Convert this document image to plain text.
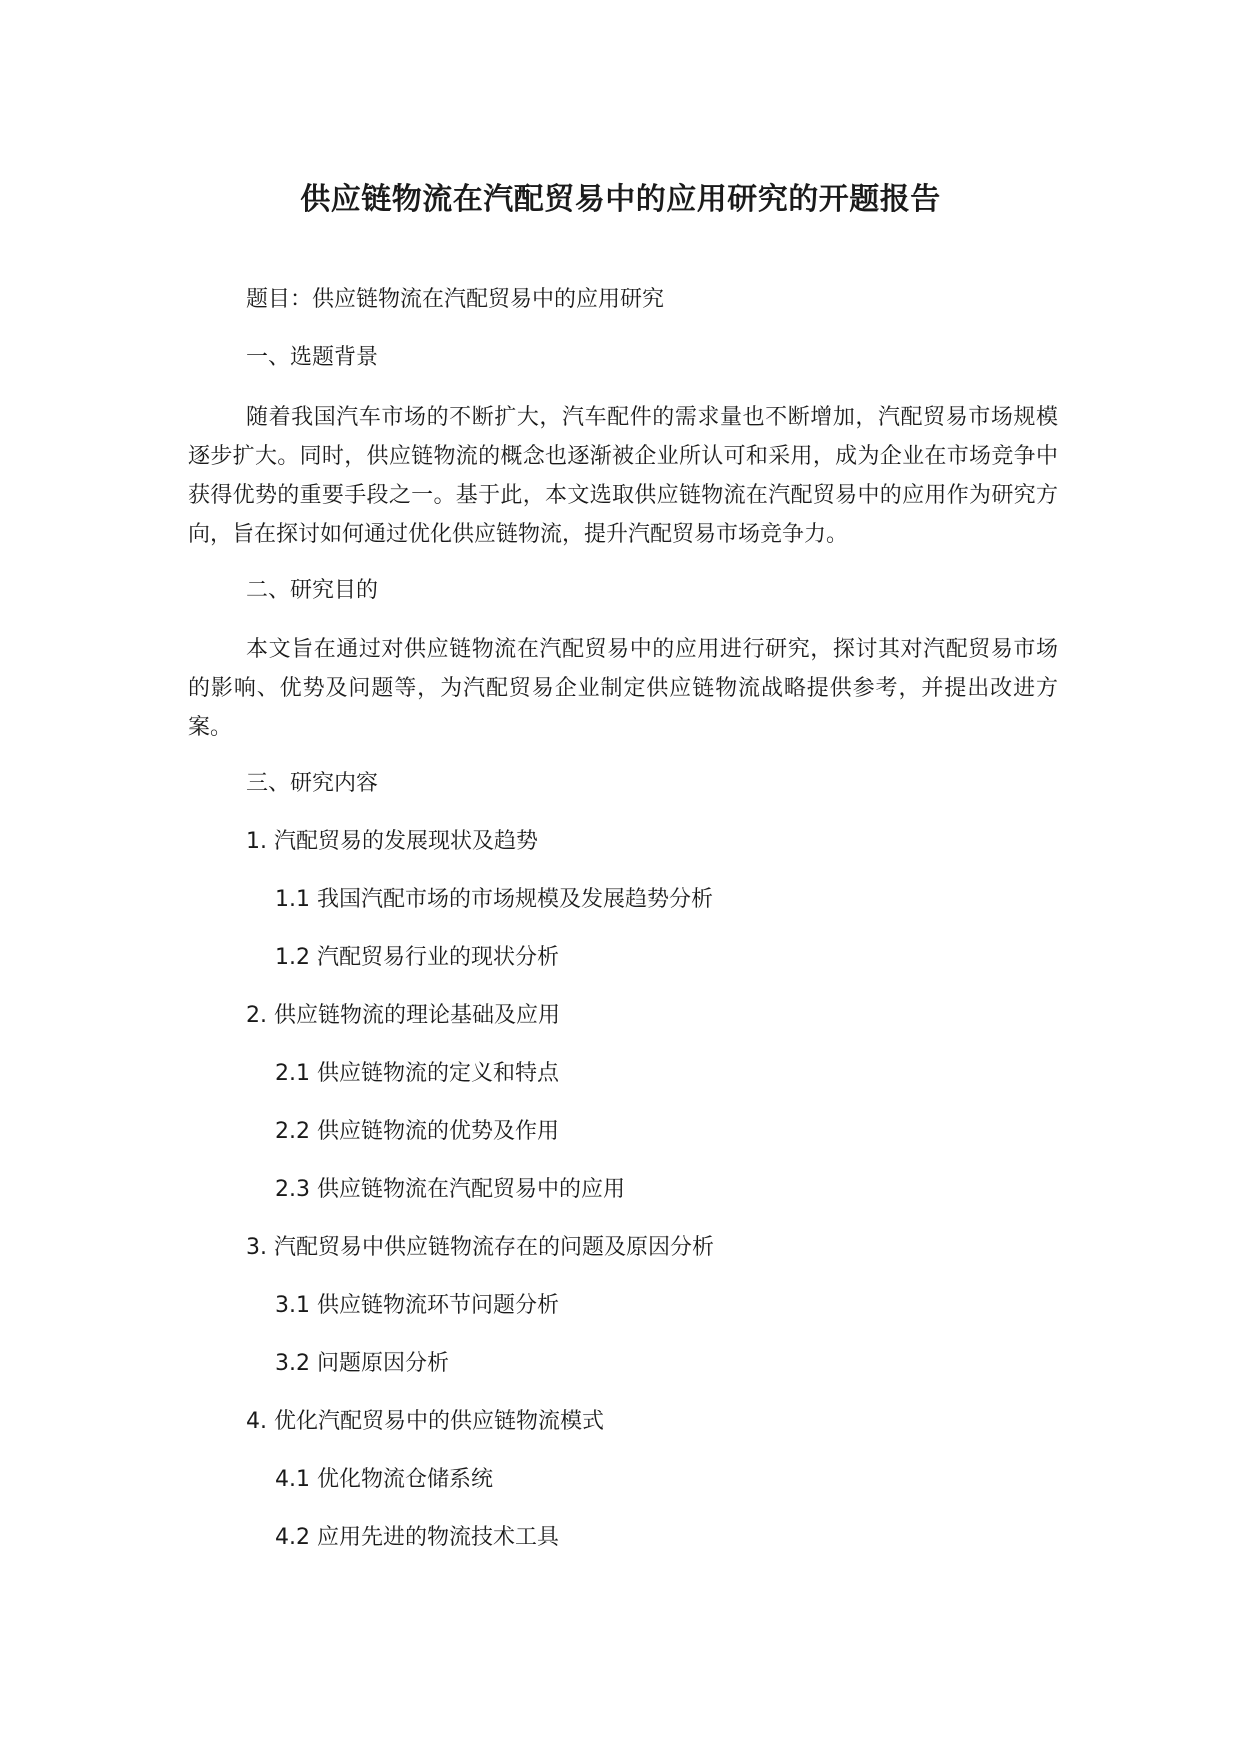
供应链物流在汽配贸易中的应用研究的开题报告

题目：供应链物流在汽配贸易中的应用研究

一、选题背景

随着我国汽车市场的不断扩大，汽车配件的需求量也不断增加，汽配贸易市场规模逐步扩大。同时，供应链物流的概念也逐渐被企业所认可和采用，成为企业在市场竞争中获得优势的重要手段之一。基于此，本文选取供应链物流在汽配贸易中的应用作为研究方向，旨在探讨如何通过优化供应链物流，提升汽配贸易市场竞争力。

二、研究目的

本文旨在通过对供应链物流在汽配贸易中的应用进行研究，探讨其对汽配贸易市场的影响、优势及问题等，为汽配贸易企业制定供应链物流战略提供参考，并提出改进方案。

三、研究内容

1. 汽配贸易的发展现状及趋势

1.1 我国汽配市场的市场规模及发展趋势分析

1.2 汽配贸易行业的现状分析

2. 供应链物流的理论基础及应用

2.1 供应链物流的定义和特点

2.2 供应链物流的优势及作用

2.3 供应链物流在汽配贸易中的应用

3. 汽配贸易中供应链物流存在的问题及原因分析

3.1 供应链物流环节问题分析

3.2 问题原因分析

4. 优化汽配贸易中的供应链物流模式

4.1 优化物流仓储系统

4.2 应用先进的物流技术工具
